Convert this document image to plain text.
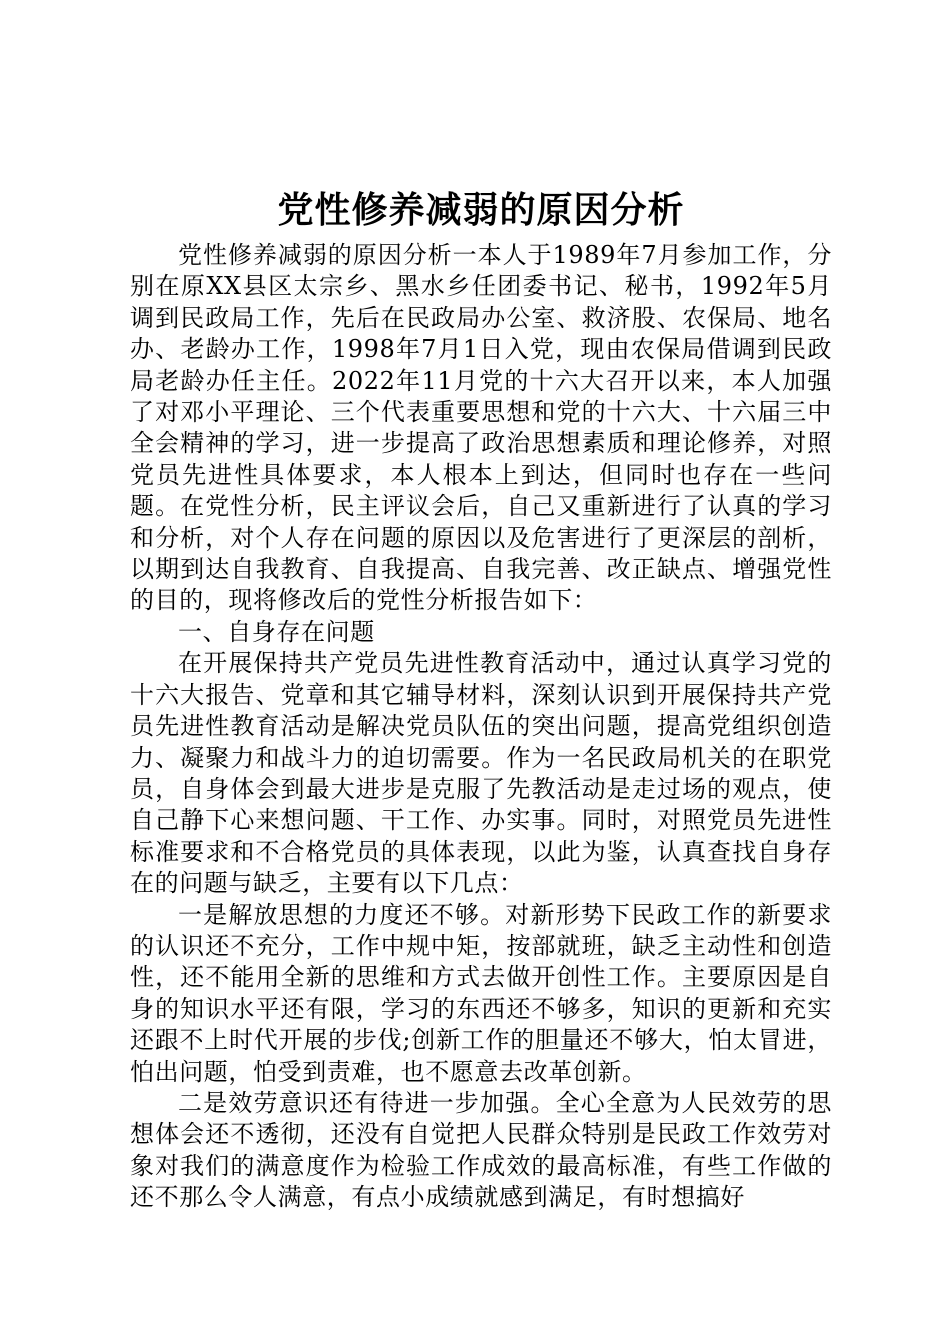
党性修养减弱的原因分析

党性修养减弱的原因分析一本人于1989年7月参加工作，分别在原XX县区太宗乡、黑水乡任团委书记、秘书，1992年5月调到民政局工作，先后在民政局办公室、救济股、农保局、地名办、老龄办工作，1998年7月1日入党，现由农保局借调到民政局老龄办任主任。2022年11月党的十六大召开以来，本人加强了对邓小平理论、三个代表重要思想和党的十六大、十六届三中全会精神的学习，进一步提高了政治思想素质和理论修养，对照党员先进性具体要求，本人根本上到达，但同时也存在一些问题。在党性分析，民主评议会后，自己又重新进行了认真的学习和分析，对个人存在问题的原因以及危害进行了更深层的剖析，以期到达自我教育、自我提高、自我完善、改正缺点、增强党性的目的，现将修改后的党性分析报告如下：

一、自身存在问题

在开展保持共产党员先进性教育活动中，通过认真学习党的十六大报告、党章和其它辅导材料，深刻认识到开展保持共产党员先进性教育活动是解决党员队伍的突出问题，提高党组织创造力、凝聚力和战斗力的迫切需要。作为一名民政局机关的在职党员，自身体会到最大进步是克服了先教活动是走过场的观点，使自己静下心来想问题、干工作、办实事。同时，对照党员先进性标准要求和不合格党员的具体表现，以此为鉴，认真查找自身存在的问题与缺乏，主要有以下几点：

一是解放思想的力度还不够。对新形势下民政工作的新要求的认识还不充分，工作中规中矩，按部就班，缺乏主动性和创造性，还不能用全新的思维和方式去做开创性工作。主要原因是自身的知识水平还有限，学习的东西还不够多，知识的更新和充实还跟不上时代开展的步伐;创新工作的胆量还不够大，怕太冒进，怕出问题，怕受到责难，也不愿意去改革创新。

二是效劳意识还有待进一步加强。全心全意为人民效劳的思想体会还不透彻，还没有自觉把人民群众特别是民政工作效劳对象对我们的满意度作为检验工作成效的最高标准，有些工作做的还不那么令人满意，有点小成绩就感到满足，有时想搞好
